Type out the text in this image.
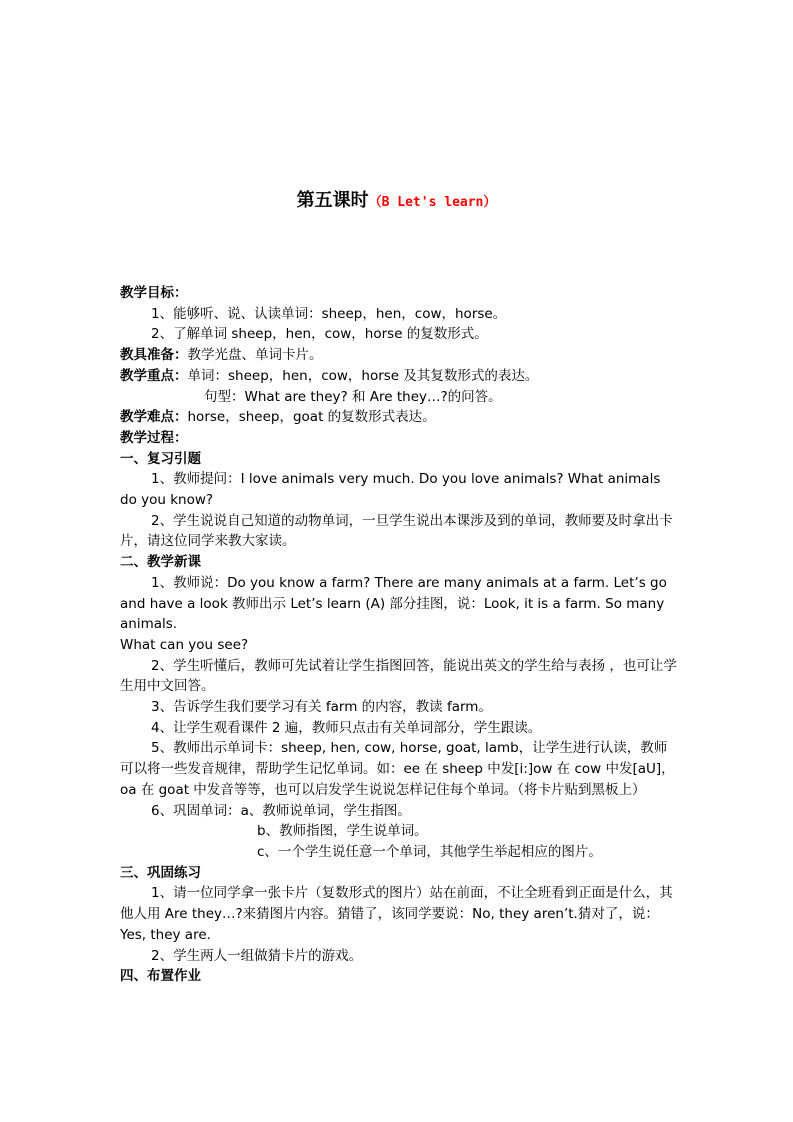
第五课时（B Let's learn）
教学目标：
1、能够听、说、认读单词：sheep，hen，cow，horse。
2、了解单词 sheep，hen，cow，horse 的复数形式。
教具准备：教学光盘、单词卡片。
教学重点：单词：sheep，hen，cow，horse 及其复数形式的表达。
句型：What are they? 和 Are they…?的问答。
教学难点：horse，sheep，goat 的复数形式表达。
教学过程：
一、复习引题
1、教师提问：I love animals very much. Do you love animals? What animals do you know?
2、学生说说自己知道的动物单词，一旦学生说出本课涉及到的单词，教师要及时拿出卡片，请这位同学来教大家读。
二、教学新课
1、教师说：Do you know a farm? There are many animals at a farm. Let’s go and have a look 教师出示 Let’s learn (A) 部分挂图，说：Look, it is a farm. So many animals.
What can you see?
2、学生听懂后，教师可先试着让学生指图回答，能说出英文的学生给与表扬 ，也可让学生用中文回答。
3、告诉学生我们要学习有关 farm 的内容，教读 farm。
4、让学生观看课件 2 遍，教师只点击有关单词部分，学生跟读。
5、教师出示单词卡：sheep, hen, cow, horse, goat, lamb，让学生进行认读，教师可以将一些发音规律，帮助学生记忆单词。如：ee 在 sheep 中发[i:]ow 在 cow 中发[aU]，oa 在 goat 中发音等等，也可以启发学生说说怎样记住每个单词。（将卡片贴到黑板上）
6、巩固单词：a、教师说单词，学生指图。
b、教师指图，学生说单词。
c、一个学生说任意一个单词，其他学生举起相应的图片。
三、巩固练习
1、请一位同学拿一张卡片（复数形式的图片）站在前面，不让全班看到正面是什么，其他人用 Are they…?来猜图片内容。猜错了，该同学要说：No, they aren’t.猜对了，说：Yes, they are.
2、学生两人一组做猜卡片的游戏。
四、布置作业
